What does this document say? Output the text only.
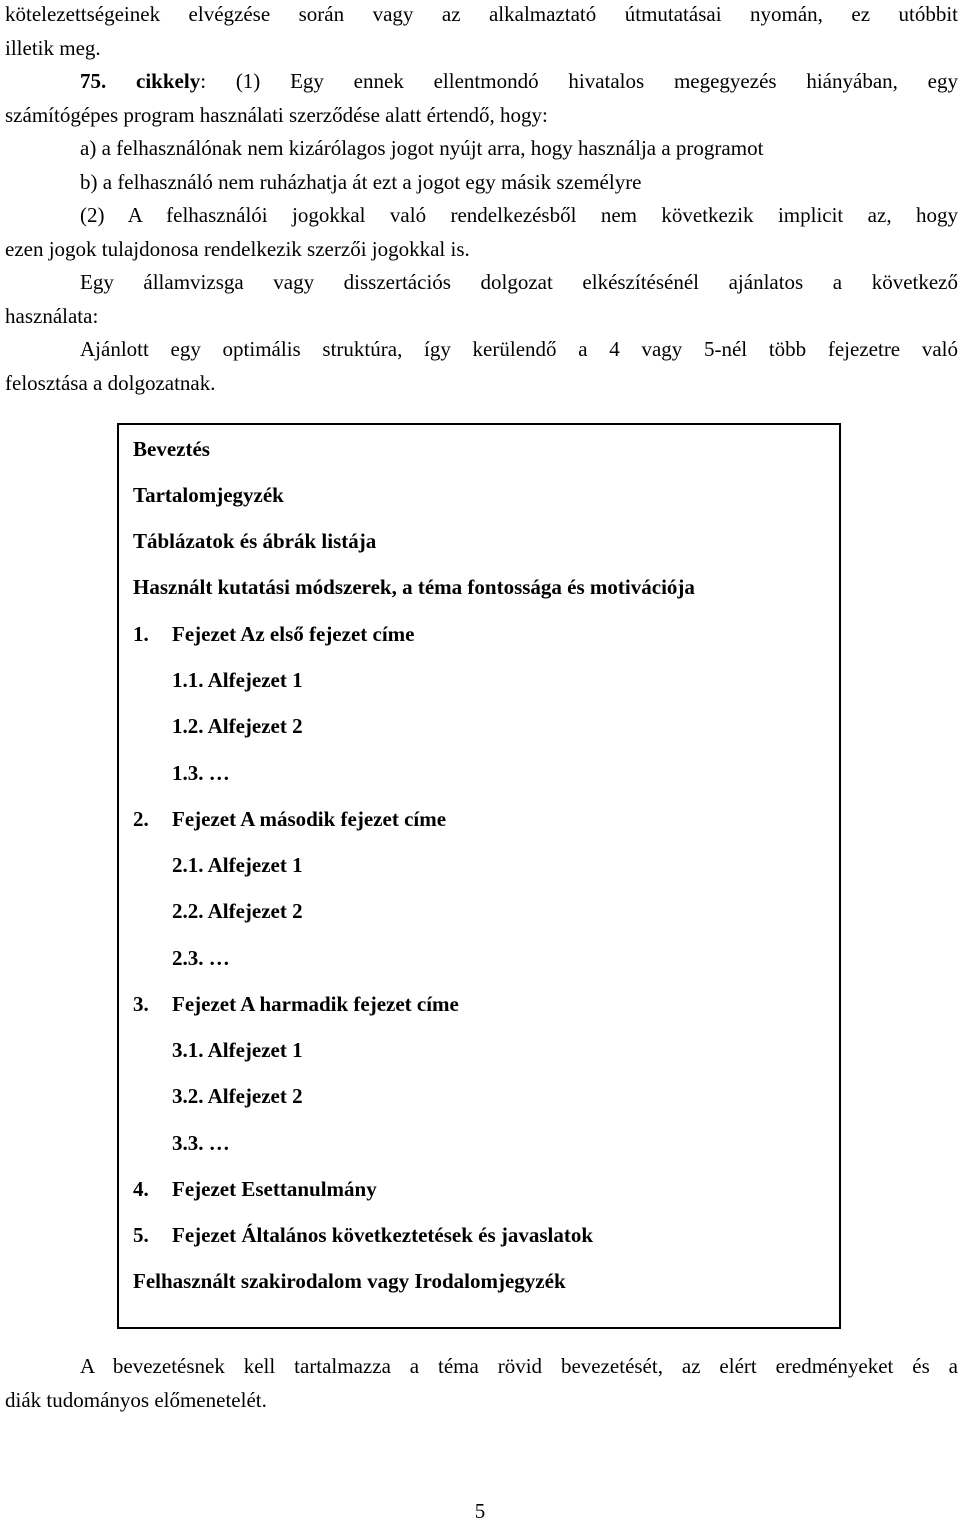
kötelezettségeinek elvégzése során vagy az alkalmaztató útmutatásai nyomán, ez utóbbit

illetik meg.

75. cikkely: (1) Egy ennek ellentmondó hivatalos megegyezés hiányában, egy

számítógépes program használati szerződése alatt értendő, hogy:

a) a felhasználónak nem kizárólagos jogot nyújt arra, hogy használja a programot

b) a felhasználó nem ruházhatja át ezt a jogot egy másik személyre

(2) A felhasználói jogokkal való rendelkezésből nem következik implicit az, hogy

ezen jogok tulajdonosa rendelkezik szerzői jogokkal is.

Egy államvizsga vagy disszertációs dolgozat elkészítésénél ajánlatos a következő

használata:

Ajánlott egy optimális struktúra, így kerülendő a 4 vagy 5-nél több fejezetre való

felosztása a dolgozatnak.

Beveztés

Tartalomjegyzék

Táblázatok és ábrák listája

Használt kutatási módszerek, a téma fontossága és motivációja

1. Fejezet Az első fejezet címe

1.1. Alfejezet 1

1.2. Alfejezet 2

1.3. …

2. Fejezet A második fejezet címe

2.1. Alfejezet 1

2.2. Alfejezet 2

2.3. …

3. Fejezet A harmadik fejezet címe

3.1. Alfejezet 1

3.2. Alfejezet 2

3.3. …

4. Fejezet Esettanulmány

5. Fejezet Általános következtetések és javaslatok

Felhasznált szakirodalom vagy Irodalomjegyzék

A bevezetésnek kell tartalmazza a téma rövid bevezetését, az elért eredményeket és a

diák tudományos előmenetelét.

5
